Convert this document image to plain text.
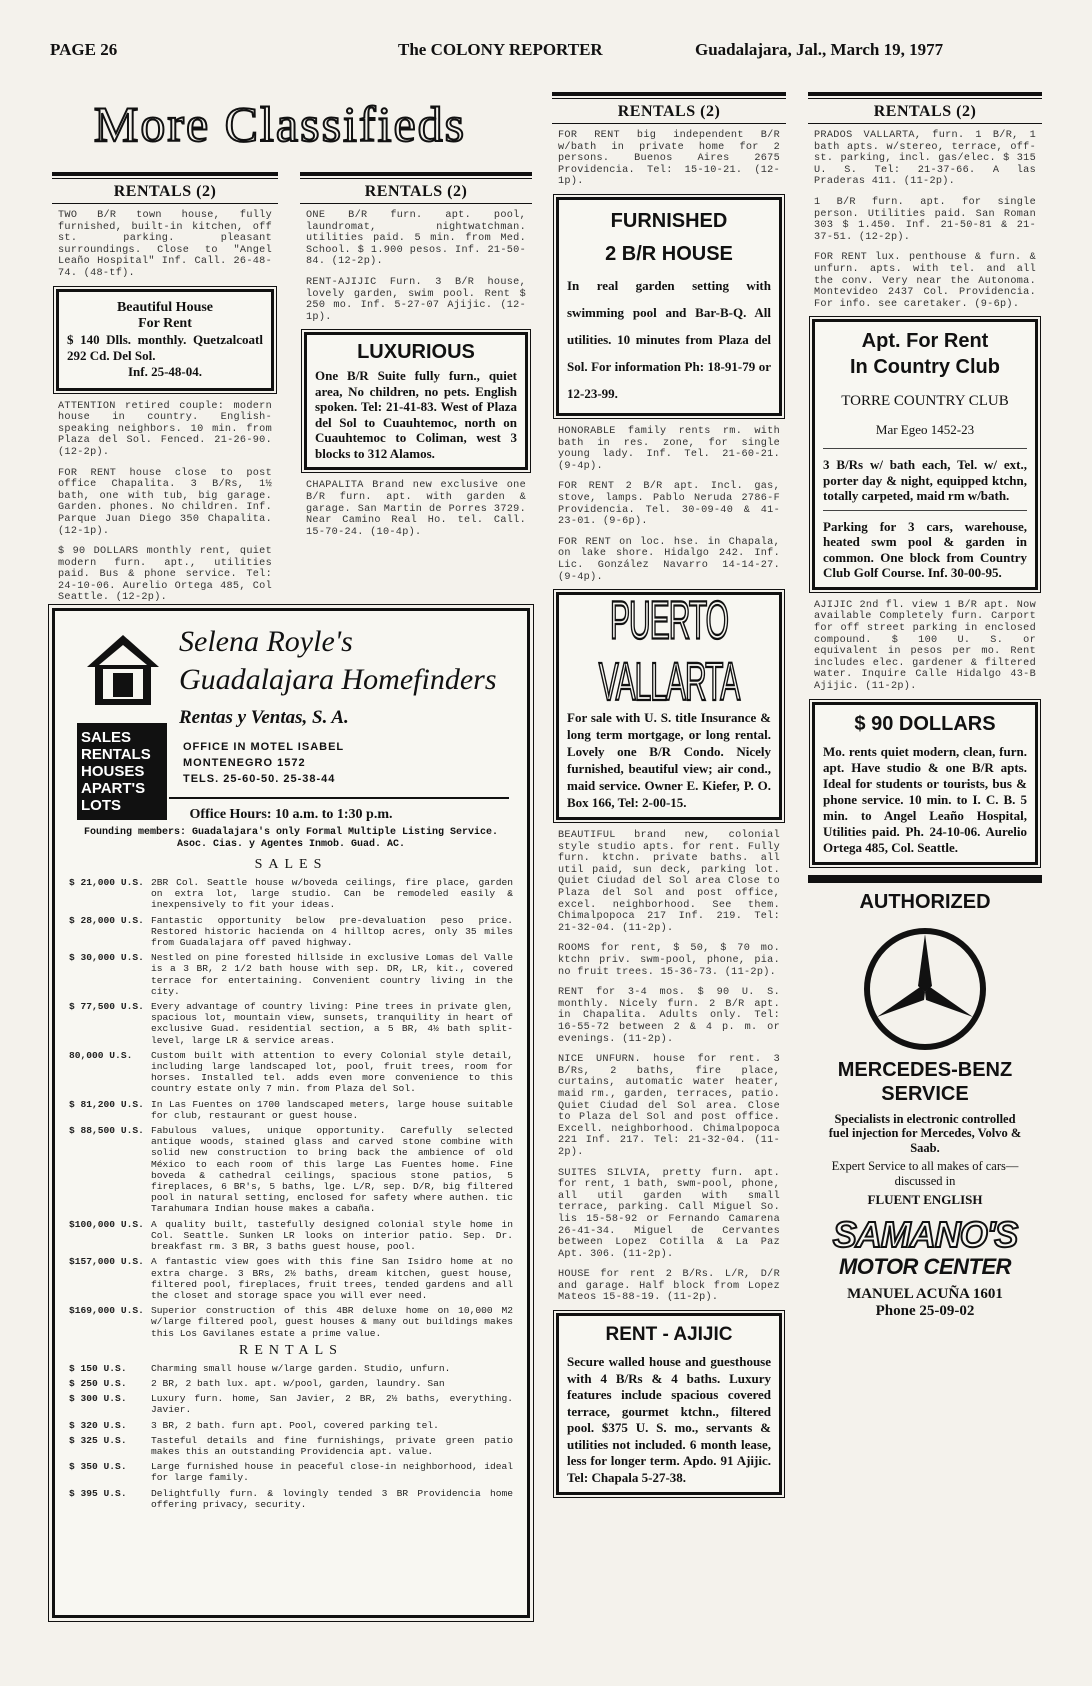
PAGE 26	The COLONY REPORTER	Guadalajara, Jal., March 19, 1977
More Classifieds
RENTALS (2)
TWO B/R town house, fully furnished, built-in kitchen, off st. parking. pleasant surroundings. Close to "Angel Leaño Hospital" Inf. Call. 26-48-74. (48-tf).
Beautiful House
For Rent
$ 140 Dlls. monthly. Quetzalcoatl 292 Cd. Del Sol.
Inf. 25-48-04.
ATTENTION retired couple: modern house in country. English-speaking neighbors. 10 min. from Plaza del Sol. Fenced. 21-26-90. (12-2p).
FOR RENT house close to post office Chapalita. 3 B/Rs, 1½ bath, one with tub, big garage. Garden. phones. No children. Inf. Parque Juan Diego 350 Chapalita. (12-1p).
$ 90 DOLLARS monthly rent, quiet modern furn. apt., utilities paid. Bus & phone service. Tel: 24-10-06. Aurelio Ortega 485, Col Seattle. (12-2p).
RENTALS (2)
ONE B/R furn. apt. pool, laundromat, nightwatchman. utilities paid. 5 min. from Med. School. $ 1.900 pesos. Inf. 21-50-84. (12-2p).
RENT-AJIJIC Furn. 3 B/R house, lovely garden, swim pool. Rent $ 250 mo. Inf. 5-27-07 Ajijic. (12-1p).
LUXURIOUS
One B/R Suite fully furn., quiet area, No children, no pets. English spoken. Tel: 21-41-83. West of Plaza del Sol to Cuauhtemoc, north on Cuauhtemoc to Coliman, west 3 blocks to 312 Alamos.
CHAPALITA Brand new exclusive one B/R furn. apt. with garden & garage. San Martin de Porres 3729. Near Camino Real Ho. tel. Call. 15-70-24. (10-4p).
SALES
RENTALS
HOUSES
APART'S
LOTS
Selena Royle's
Guadalajara Homefinders
Rentas y Ventas, S. A.
OFFICE IN MOTEL ISABEL
MONTENEGRO 1572
TELS. 25-60-50. 25-38-44
Office Hours: 10 a.m. to 1:30 p.m.
Founding members: Guadalajara's only Formal Multiple Listing Service. Asoc. Cias. y Agentes Inmob. Guad. AC.
SALES
$ 21,000 U.S. 2BR Col. Seattle house w/boveda ceilings, fire place, garden on extra lot, large studio. Can be remodeled easily & inexpensively to fit your ideas.
$ 28,000 U.S. Fantastic opportunity below pre-devaluation peso price. Restored historic hacienda on 4 hilltop acres, only 35 miles from Guadalajara off paved highway.
$ 30,000 U.S. Nestled on pine forested hillside in exclusive Lomas del Valle is a 3 BR, 2 1/2 bath house with sep. DR, LR, kit., covered terrace for entertaining. Convenient country living in the city.
$ 77,500 U.S. Every advantage of country living: Pine trees in private glen, spacious lot, mountain view, sunsets, tranquility in heart of exclusive Guad. residential section, a 5 BR, 4½ bath split-level, large LR & service areas.
80,000 U.S.	Custom built with attention to every Colonial style detail, including large landscaped lot, pool, fruit trees, room for horses. Installed tel. adds even more convenience to this country estate only 7 min. from Plaza del Sol.
$ 81,200 U.S. In Las Fuentes on 1700 landscaped meters, large house suitable for club, restaurant or guest house.
$ 88,500 U.S. Fabulous values, unique opportunity. Carefully selected antique woods, stained glass and carved stone combine with solid new construction to bring back the ambience of old México to each room of this large Las Fuentes home. Fine boveda & cathedral ceilings, spacious stone patios, 5 fireplaces, 6 BR's, 5 baths, lge. L/R, sep. D/R, big filtered pool in natural setting, enclosed for safety where authen. tic Tarahumara Indian house makes a cabaña.
$100,000 U.S. A quality built, tastefully designed colonial style home in Col. Seattle. Sunken LR looks on interior patio. Sep. Dr. breakfast rm. 3 BR, 3 baths guest house, pool.
$157,000 U.S. A fantastic view goes with this fine San Isidro home at no extra charge. 3 BRs, 2½ baths, dream kitchen, guest house, filtered pool, fireplaces, fruit trees, tended gardens and all the closet and storage space you will ever need.
$169,000 U.S. Superior construction of this 4BR deluxe home on 10,000 M2 w/large filtered pool, guest houses & many out buildings makes this Los Gavilanes estate a prime value.
RENTALS
$ 150 U.S.	Charming small house w/large garden. Studio, unfurn.
$ 250 U.S.	2 BR, 2 bath lux. apt. w/pool, garden, laundry. San
$ 300 U.S.	Luxury furn. home, San Javier, 2 BR, 2½ baths, everything. Javier.
$ 320 U.S.	3 BR, 2 bath. furn apt. Pool, covered parking tel.
$ 325 U.S.	Tasteful details and fine furnishings, private green patio makes this an outstanding Providencia apt. value.
$ 350 U.S.	Large furnished house in peaceful close-in neighborhood, ideal for large family.
$ 395 U.S.	Delightfully furn. & lovingly tended 3 BR Providencia home offering privacy, security.
RENTALS (2)
FOR RENT big independent B/R w/bath in private home for 2 persons. Buenos Aires 2675 Providencia. Tel: 15-10-21. (12-1p).
FURNISHED
2 B/R HOUSE
In real garden setting with swimming pool and Bar-B-Q. All utilities. 10 minutes from Plaza del Sol. For information Ph: 18-91-79 or 12-23-99.
HONORABLE family rents rm. with bath in res. zone, for single young lady. Inf. Tel. 21-60-21. (9-4p).
FOR RENT 2 B/R apt. Incl. gas, stove, lamps. Pablo Neruda 2786-F Providencia. Tel. 30-09-40 & 41-23-01. (9-6p).
FOR RENT on loc. hse. in Chapala, on lake shore. Hidalgo 242. Inf. Lic. González Navarro 14-14-27. (9-4p).
PUERTO VALLARTA
For sale with U. S. title Insurance & long term mortgage, or long rental. Lovely one B/R Condo. Nicely furnished, beautiful view; air cond., maid service. Owner E. Kiefer, P. O. Box 166, Tel: 2-00-15.
BEAUTIFUL brand new, colonial style studio apts. for rent. Fully furn. ktchn. private baths. all util paid, sun deck, parking lot. Quiet Ciudad del Sol area Close to Plaza del Sol and post office, excel. neighborhood. See them. Chimalpopoca 217 Inf. 219. Tel: 21-32-04. (11-2p).
ROOMS for rent, $ 50, $ 70 mo. ktchn priv. swm-pool, phone, pia. no fruit trees. 15-36-73. (11-2p).
RENT for 3-4 mos. $ 90 U. S. monthly. Nicely furn. 2 B/R apt. in Chapalita. Adults only. Tel: 16-55-72 between 2 & 4 p. m. or evenings. (11-2p).
NICE UNFURN. house for rent. 3 B/Rs, 2 baths, fire place, curtains, automatic water heater, maid rm., garden, terraces, patio. Quiet Ciudad del Sol area. Close to Plaza del Sol and post office. Excell. neighborhood. Chimalpopoca 221 Inf. 217. Tel: 21-32-04. (11-2p).
SUITES SILVIA, pretty furn. apt. for rent, 1 bath, swm-pool, phone, all util garden with small terrace, parking. Call Miguel So. lis 15-58-92 or Fernando Camarena 26-41-34. Miguel de Cervantes between Lopez Cotilla & La Paz Apt. 306. (11-2p).
HOUSE for rent 2 B/Rs. L/R, D/R and garage. Half block from Lopez Mateos 15-88-19. (11-2p).
RENT - AJIJIC
Secure walled house and guesthouse with 4 B/Rs & 4 baths. Luxury features include spacious covered terrace, gourmet ktchn., filtered pool. $375 U. S. mo., servants & utilities not included. 6 month lease, less for longer term. Apdo. 91 Ajijic. Tel: Chapala 5-27-38.
RENTALS (2)
PRADOS VALLARTA, furn. 1 B/R, 1 bath apts. w/stereo, terrace, off-st. parking, incl. gas/elec. $ 315 U. S. Tel: 21-37-66. A las Praderas 411. (11-2p).
1 B/R furn. apt. for single person. Utilities paid. San Roman 303 $ 1.450. Inf. 21-50-81 & 21-37-51. (12-2p).
FOR RENT lux. penthouse & furn. & unfurn. apts. with tel. and all the conv. Very near the Autonoma. Montevideo 2437 Col. Providencia. For info. see caretaker. (9-6p).
Apt. For Rent
In Country Club
TORRE COUNTRY CLUB
Mar Egeo 1452-23
3 B/Rs w/ bath each, Tel. w/ ext., porter day & night, equipped ktchn, totally carpeted, maid rm w/bath.
Parking for 3 cars, warehouse, heated swm pool & garden in common. One block from Country Club Golf Course. Inf. 30-00-95.
AJIJIC 2nd fl. view 1 B/R apt. Now available Completely furn. Carport for off street parking in enclosed compound. $ 100 U. S. or equivalent in pesos per mo. Rent includes elec. gardener & filtered water. Inquire Calle Hidalgo 43-B Ajijic. (11-2p).
$ 90 DOLLARS
Mo. rents quiet modern, clean, furn. apt. Have studio & one B/R apts. Ideal for students or tourists, bus & phone service. 10 min. to I. C. B. 5 min. to Angel Leaño Hospital, Utilities paid. Ph. 24-10-06. Aurelio Ortega 485, Col. Seattle.
AUTHORIZED
MERCEDES-BENZ
SERVICE
Specialists in electronic controlled fuel injection for Mercedes, Volvo & Saab.
Expert Service to all makes of cars—discussed in
FLUENT ENGLISH
SAMANO'S
MOTOR CENTER
MANUEL ACUÑA 1601
Phone 25-09-02
